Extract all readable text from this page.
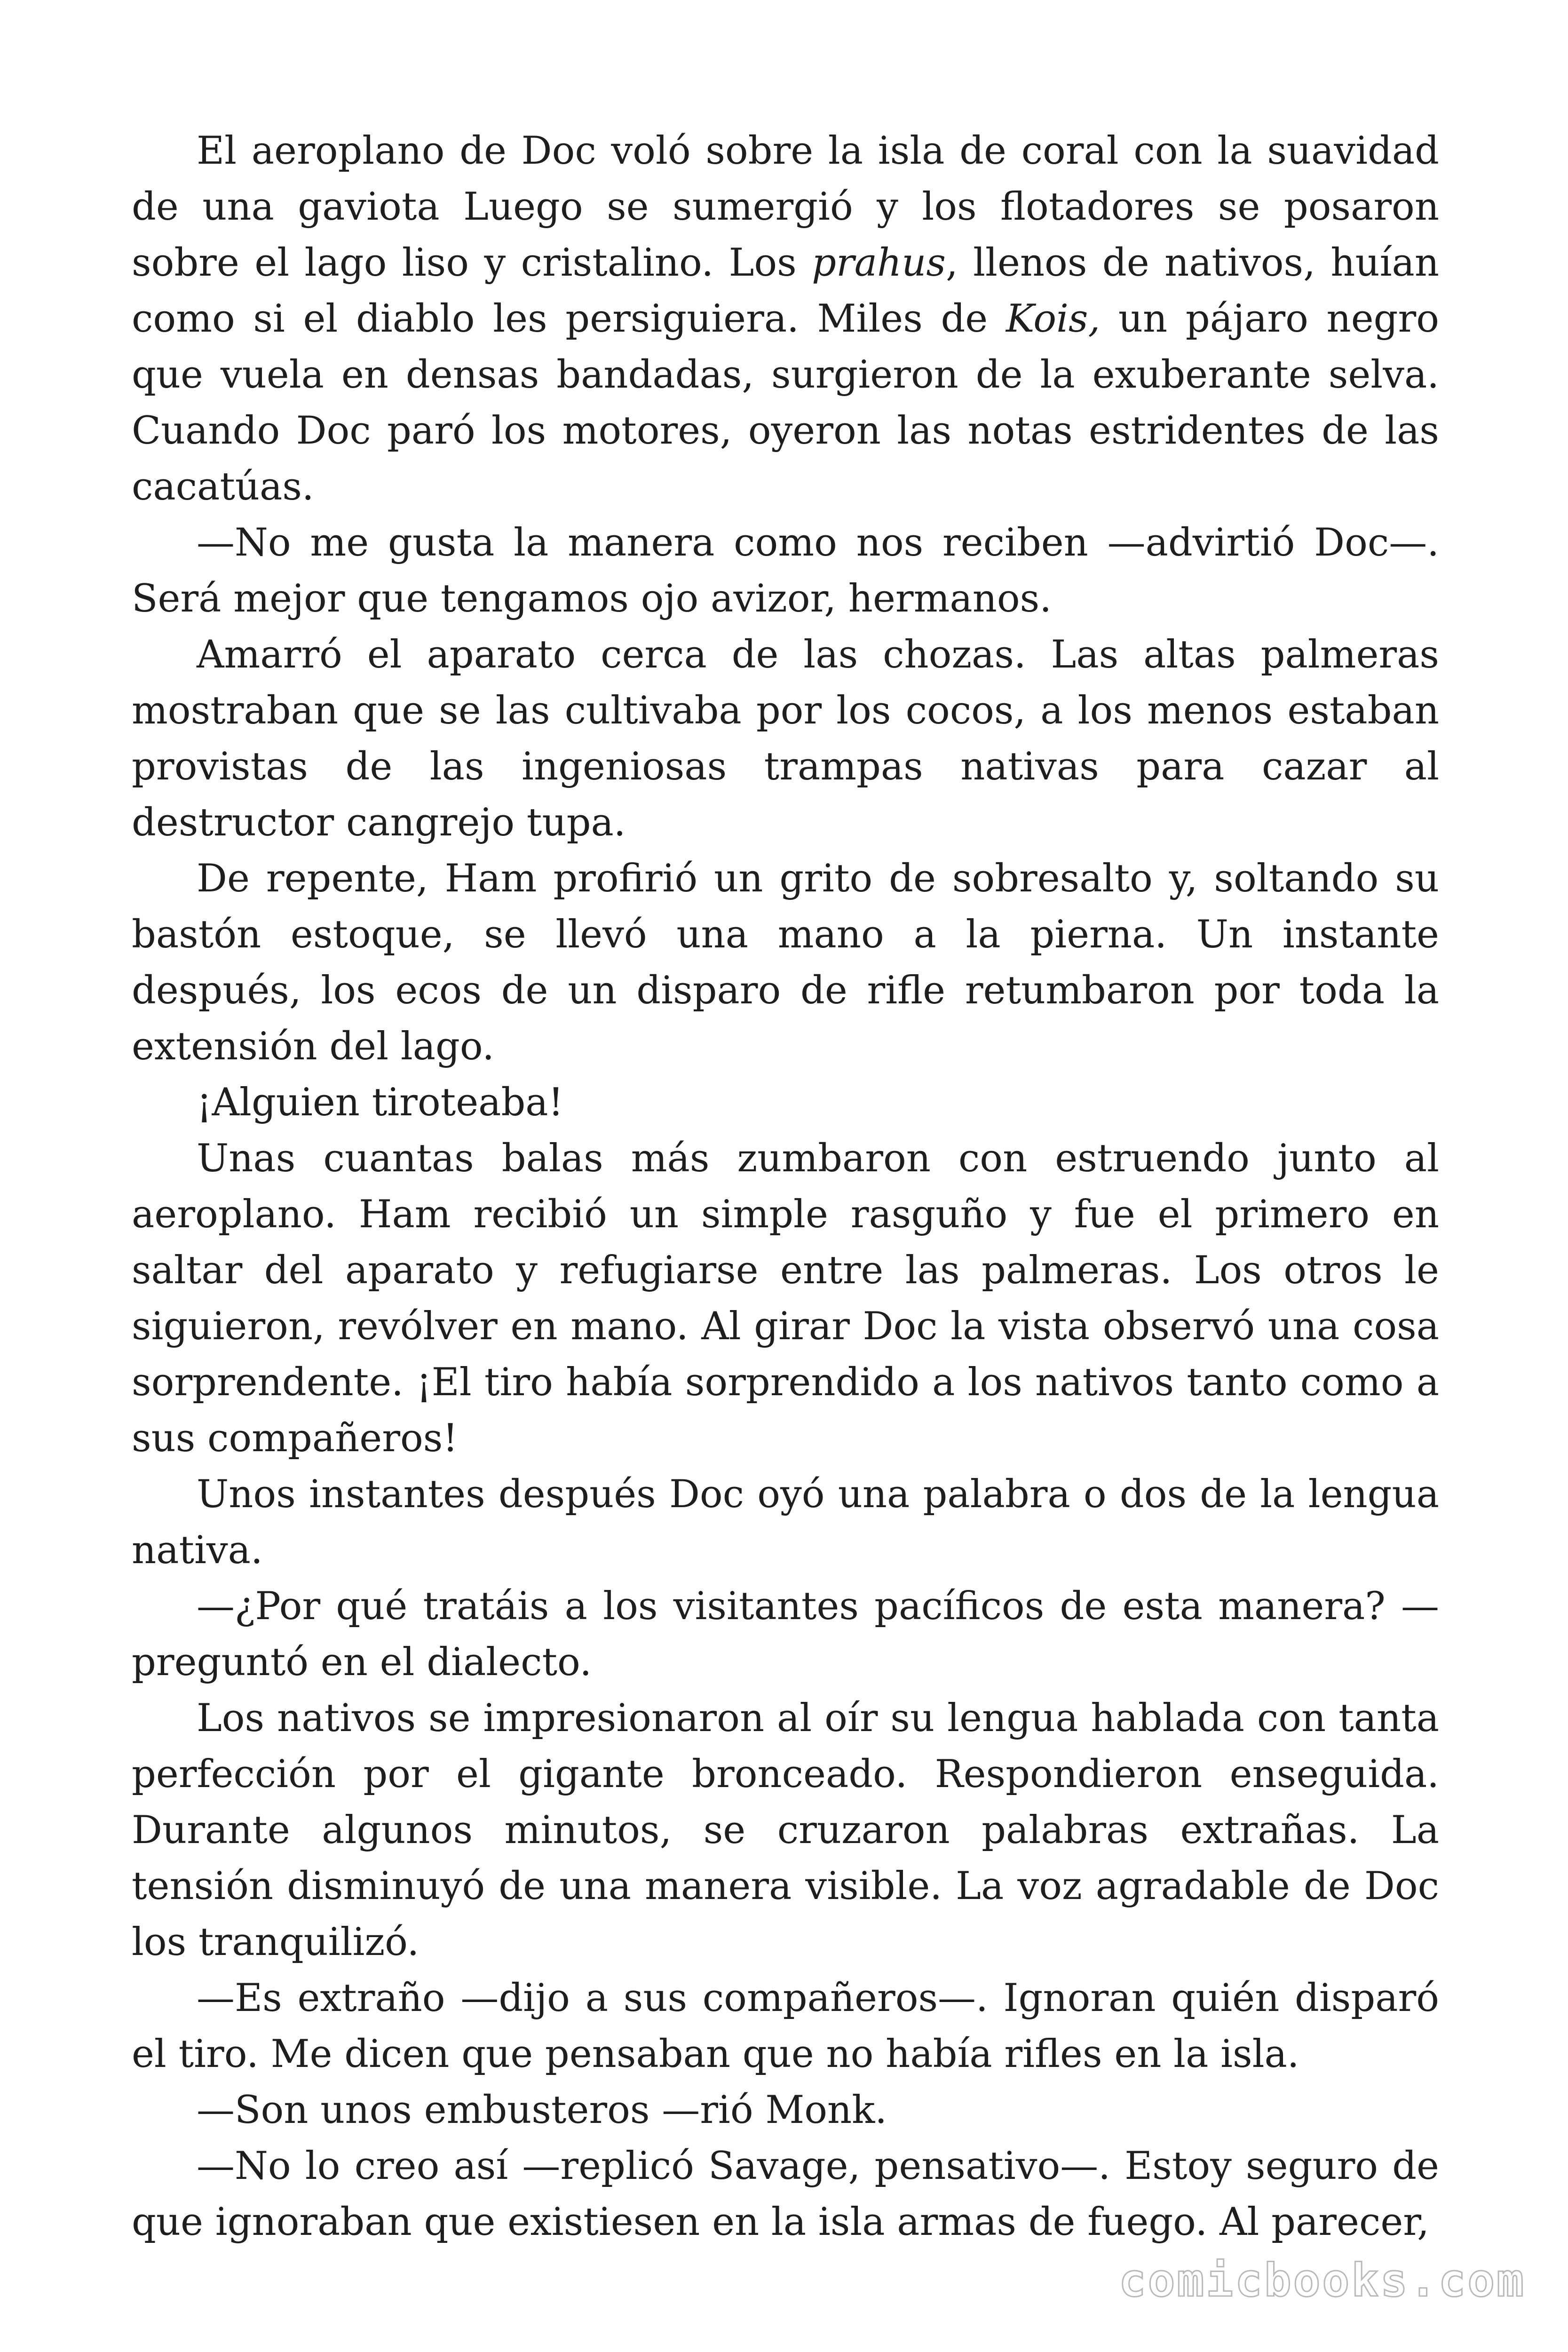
El aeroplano de Doc voló sobre la isla de coral con la suavidad de una gaviota Luego se sumergió y los flotadores se posaron sobre el lago liso y cristalino. Los prahus, llenos de nativos, huían como si el diablo les persiguiera. Miles de Kois, un pájaro negro que vuela en densas bandadas, surgieron de la exuberante selva. Cuando Doc paró los motores, oyeron las notas estridentes de las cacatúas.

—No me gusta la manera como nos reciben —advirtió Doc—. Será mejor que tengamos ojo avizor, hermanos.

Amarró el aparato cerca de las chozas. Las altas palmeras mostraban que se las cultivaba por los cocos, a los menos estaban provistas de las ingeniosas trampas nativas para cazar al destructor cangrejo tupa.

De repente, Ham profirió un grito de sobresalto y, soltando su bastón estoque, se llevó una mano a la pierna. Un instante después, los ecos de un disparo de rifle retumbaron por toda la extensión del lago.

¡Alguien tiroteaba!

Unas cuantas balas más zumbaron con estruendo junto al aeroplano. Ham recibió un simple rasguño y fue el primero en saltar del aparato y refugiarse entre las palmeras. Los otros le siguieron, revólver en mano. Al girar Doc la vista observó una cosa sorprendente. ¡El tiro había sorprendido a los nativos tanto como a sus compañeros!

Unos instantes después Doc oyó una palabra o dos de la lengua nativa.

—¿Por qué tratáis a los visitantes pacíficos de esta manera? — preguntó en el dialecto.

Los nativos se impresionaron al oír su lengua hablada con tanta perfección por el gigante bronceado. Respondieron enseguida. Durante algunos minutos, se cruzaron palabras extrañas. La tensión disminuyó de una manera visible. La voz agradable de Doc los tranquilizó.

—Es extraño —dijo a sus compañeros—. Ignoran quién disparó el tiro. Me dicen que pensaban que no había rifles en la isla.

—Son unos embusteros —rió Monk.

—No lo creo así —replicó Savage, pensativo—. Estoy seguro de que ignoraban que existiesen en la isla armas de fuego. Al parecer,

comicbooks.com
